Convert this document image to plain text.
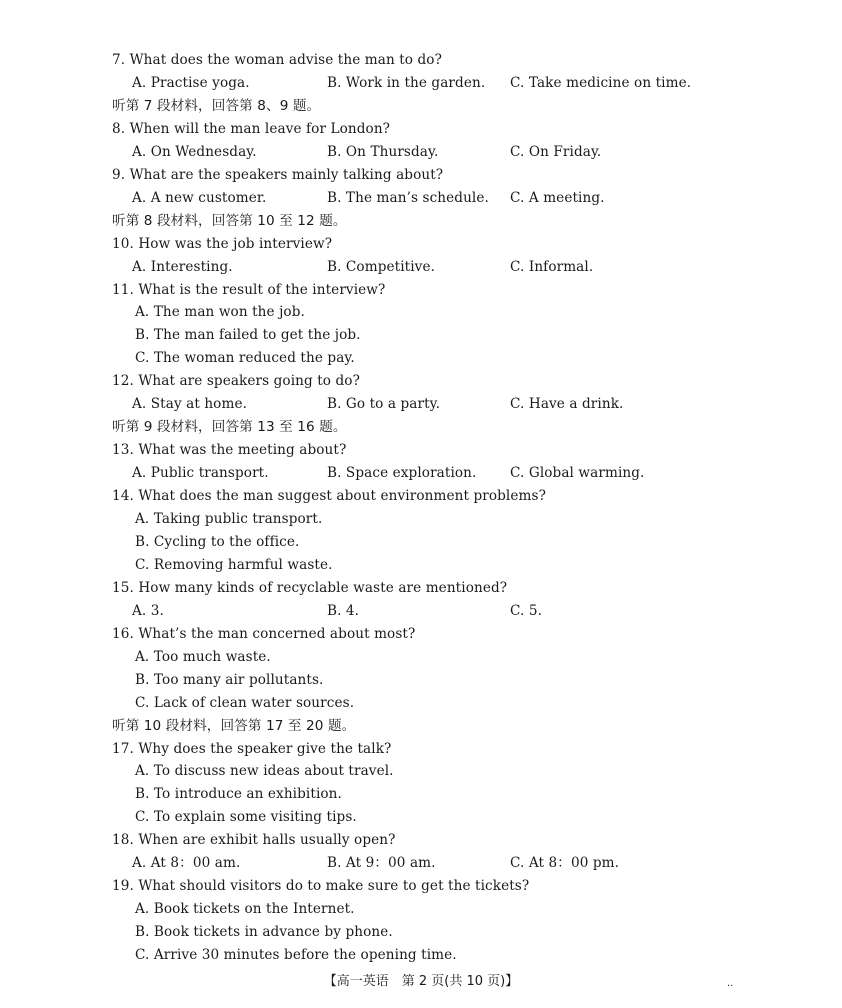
7. What does the woman advise the man to do?
A. Practise yoga.	B. Work in the garden. C. Take medicine on time.
听第 7 段材料，回答第 8、9 题。
8. When will the man leave for London?
A. On Wednesday.	B. On Thursday.	C. On Friday.
9. What are the speakers mainly talking about?
A. A new customer.	B. The man’s schedule. C. A meeting.
听第 8 段材料，回答第 10 至 12 题。
10. How was the job interview?
A. Interesting.	B. Competitive.	C. Informal.
11. What is the result of the interview?
A. The man won the job.
B. The man failed to get the job.
C. The woman reduced the pay.
12. What are speakers going to do?
A. Stay at home.	B. Go to a party.	C. Have a drink.
听第 9 段材料，回答第 13 至 16 题。
13. What was the meeting about?
A. Public transport.	B. Space exploration. C. Global warming.
14. What does the man suggest about environment problems?
A. Taking public transport.
B. Cycling to the office.
C. Removing harmful waste.
15. How many kinds of recyclable waste are mentioned?
A. 3.	B. 4.	C. 5.
16. What’s the man concerned about most?
A. Too much waste.
B. Too many air pollutants.
C. Lack of clean water sources.
听第 10 段材料，回答第 17 至 20 题。
17. Why does the speaker give the talk?
A. To discuss new ideas about travel.
B. To introduce an exhibition.
C. To explain some visiting tips.
18. When are exhibit halls usually open?
A. At 8：00 am.	B. At 9：00 am.	C. At 8：00 pm.
19. What should visitors do to make sure to get the tickets?
A. Book tickets on the Internet.
B. Book tickets in advance by phone.
C. Arrive 30 minutes before the opening time.
【高一英语　第 2 页(共 10 页)】	..
